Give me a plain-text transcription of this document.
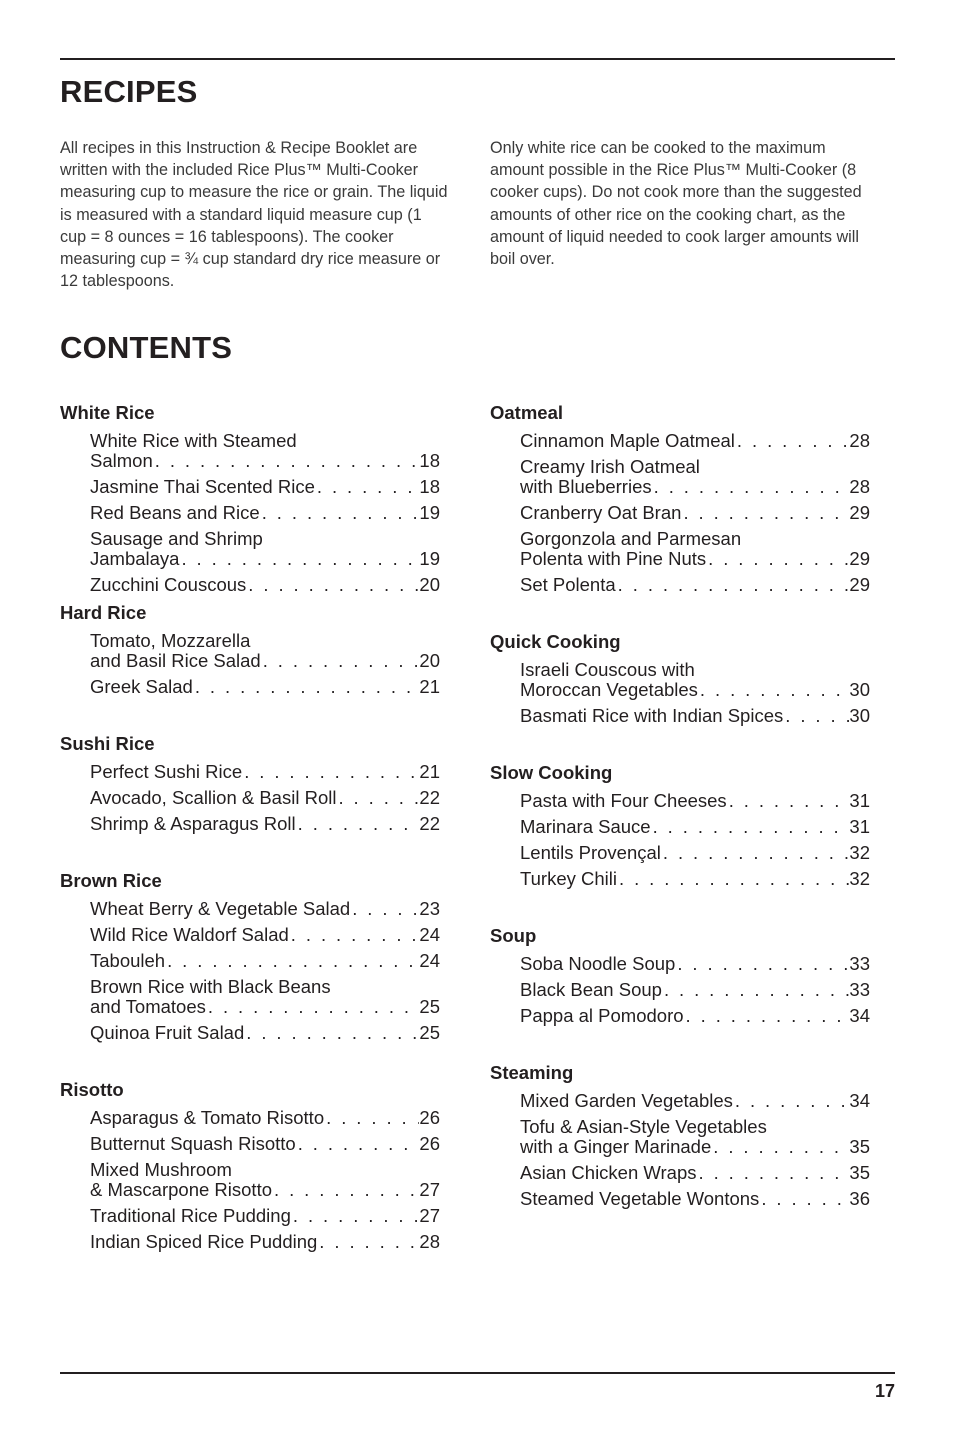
RECIPES

All recipes in this Instruction & Recipe Booklet are written with the included Rice Plus™ Multi-Cooker measuring cup to measure the rice or grain. The liquid is measured with a standard liquid measure cup (1 cup = 8 ounces = 16 tablespoons). The cooker measuring cup = ¾ cup standard dry rice measure or 12 tablespoons.

Only white rice can be cooked to the maximum amount possible in the Rice Plus™ Multi-Cooker (8 cooker cups). Do not cook more than the suggested amounts of other rice on the cooking chart, as the amount of liquid needed to cook larger amounts will boil over.

CONTENTS
White Rice
White Rice with Steamed
Salmon . . .	18
Jasmine Thai Scented Rice . . .	18
Red Beans and Rice . . .	19
Sausage and Shrimp
Jambalaya . . .	19
Zucchini Couscous . . .	20
Hard Rice
Tomato, Mozzarella
and Basil Rice Salad . . .	20
Greek Salad . . .	21
Sushi Rice
Perfect Sushi Rice . . .	21
Avocado, Scallion & Basil Roll . . .	22
Shrimp & Asparagus Roll . . .	22
Brown Rice
Wheat Berry & Vegetable Salad . . .	23
Wild Rice Waldorf Salad . . .	24
Tabouleh . . .	24
Brown Rice with Black Beans
and Tomatoes . . .	25
Quinoa Fruit Salad . . .	25
Risotto
Asparagus & Tomato Risotto . . .	26
Butternut Squash Risotto . . .	26
Mixed Mushroom
& Mascarpone Risotto . . .	27
Traditional Rice Pudding . . .	27
Indian Spiced Rice Pudding . . .	28
Oatmeal
Cinnamon Maple Oatmeal . . .	28
Creamy Irish Oatmeal
with Blueberries . . .	28
Cranberry Oat Bran . . .	29
Gorgonzola and Parmesan
Polenta with Pine Nuts . . .	29
Set Polenta . . .	29
Quick Cooking
Israeli Couscous with
Moroccan Vegetables . . .	30
Basmati Rice with Indian Spices . . .	30
Slow Cooking
Pasta with Four Cheeses . . .	31
Marinara Sauce . . .	31
Lentils Provençal . . .	32
Turkey Chili . . .	32
Soup
Soba Noodle Soup . . .	33
Black Bean Soup . . .	33
Pappa al Pomodoro . . .	34
Steaming
Mixed Garden Vegetables . . .	34
Tofu & Asian-Style Vegetables
with a Ginger Marinade . . .	35
Asian Chicken Wraps . . .	35
Steamed Vegetable Wontons . . .	36
17
